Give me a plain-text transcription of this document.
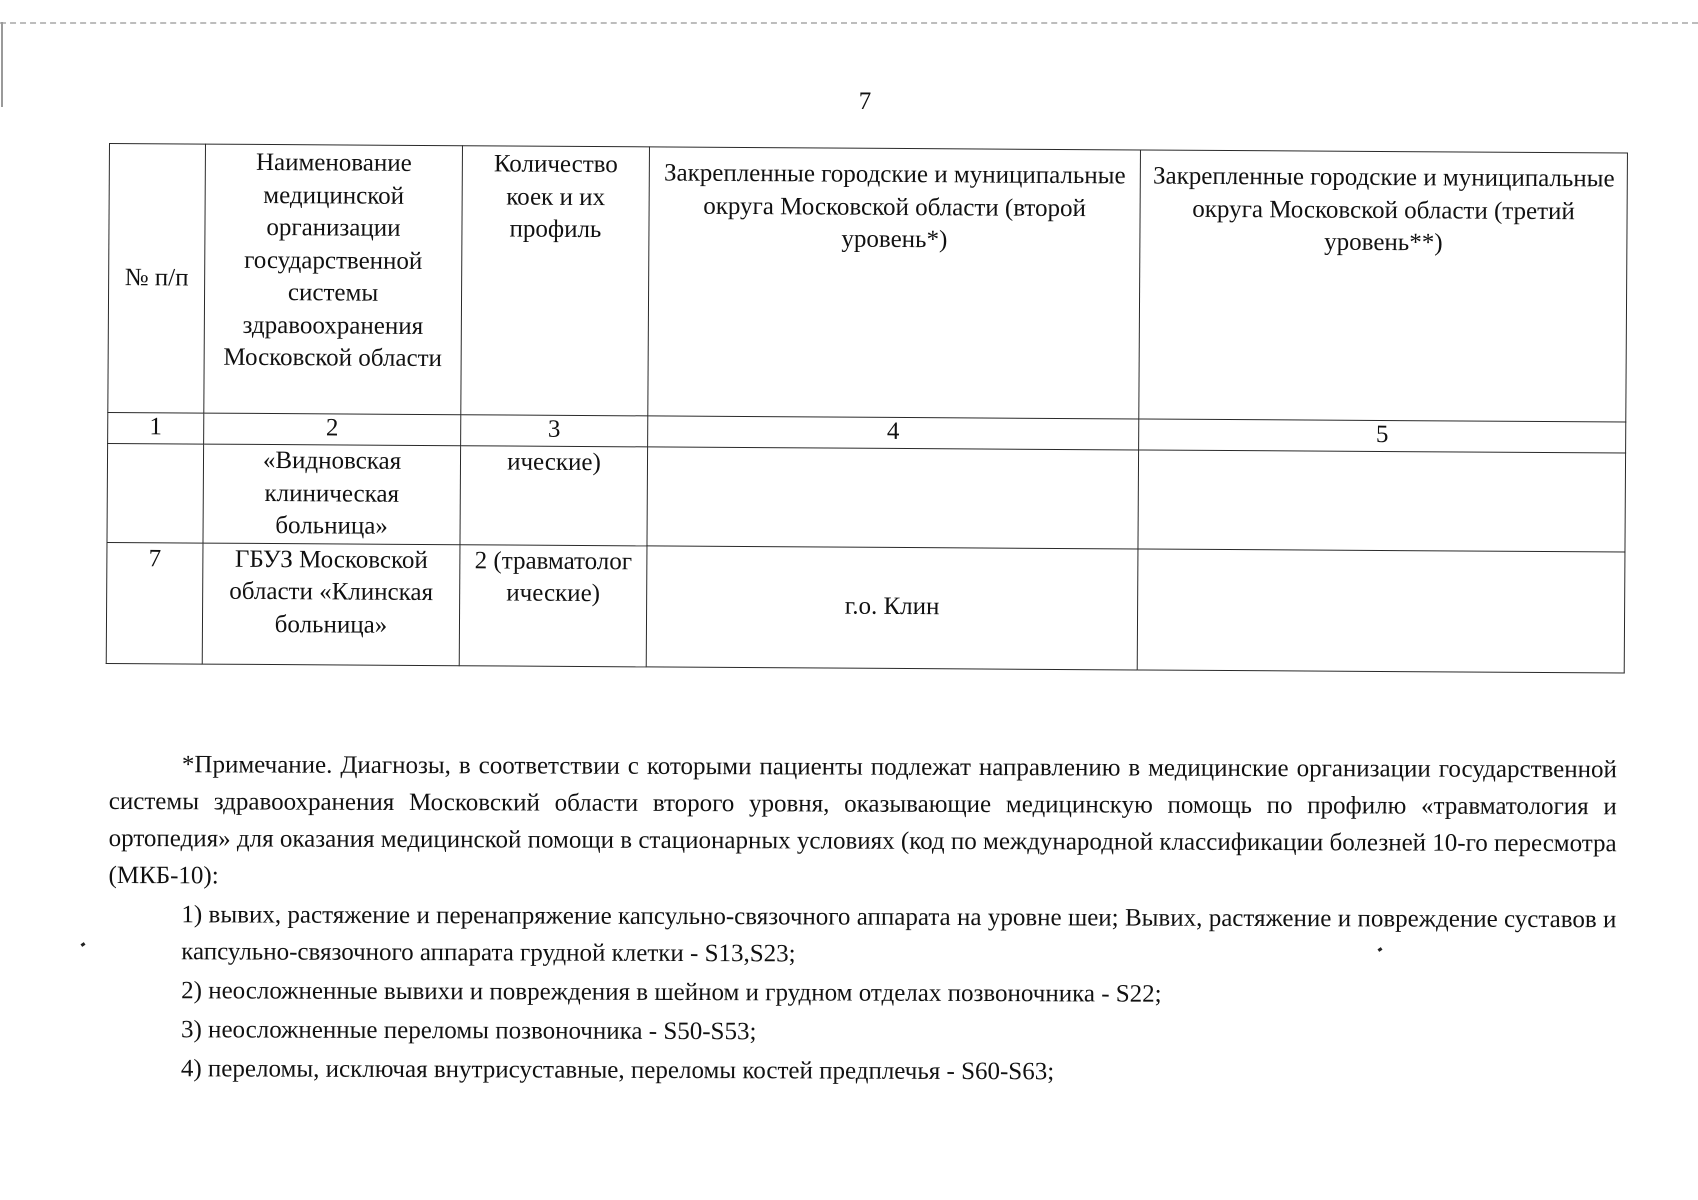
7
№ п/п	Наименование медицинской организации государственной системы здравоохранения Московской области	Количество коек и их профиль	Закрепленные городские и муниципальные округа Московской области (второй уровень*)	Закрепленные городские и муниципальные округа Московской области (третий уровень**)
1	2	3	4	5
	«Видновская клиническая больница»	ические)		
7	ГБУЗ Московской области «Клинская больница»	2 (травматолог ические)	г.о. Клин	

*Примечание. Диагнозы, в соответствии с которыми пациенты подлежат направлению в медицинские организации государственной системы здравоохранения Московский области второго уровня, оказывающие медицинскую помощь по профилю «травматология и ортопедия» для оказания медицинской помощи в стационарных условиях (код по международной классификации болезней 10-го пересмотра (МКБ-10):

1) вывих, растяжение и перенапряжение капсульно-связочного аппарата на уровне шеи; Вывих, растяжение и повреждение суставов и капсульно-связочного аппарата грудной клетки - S13,S23;

2) неосложненные вывихи и повреждения в шейном и грудном отделах позвоночника - S22;

3) неосложненные переломы позвоночника - S50-S53;

4) переломы, исключая внутрисуставные, переломы костей предплечья - S60-S63;
